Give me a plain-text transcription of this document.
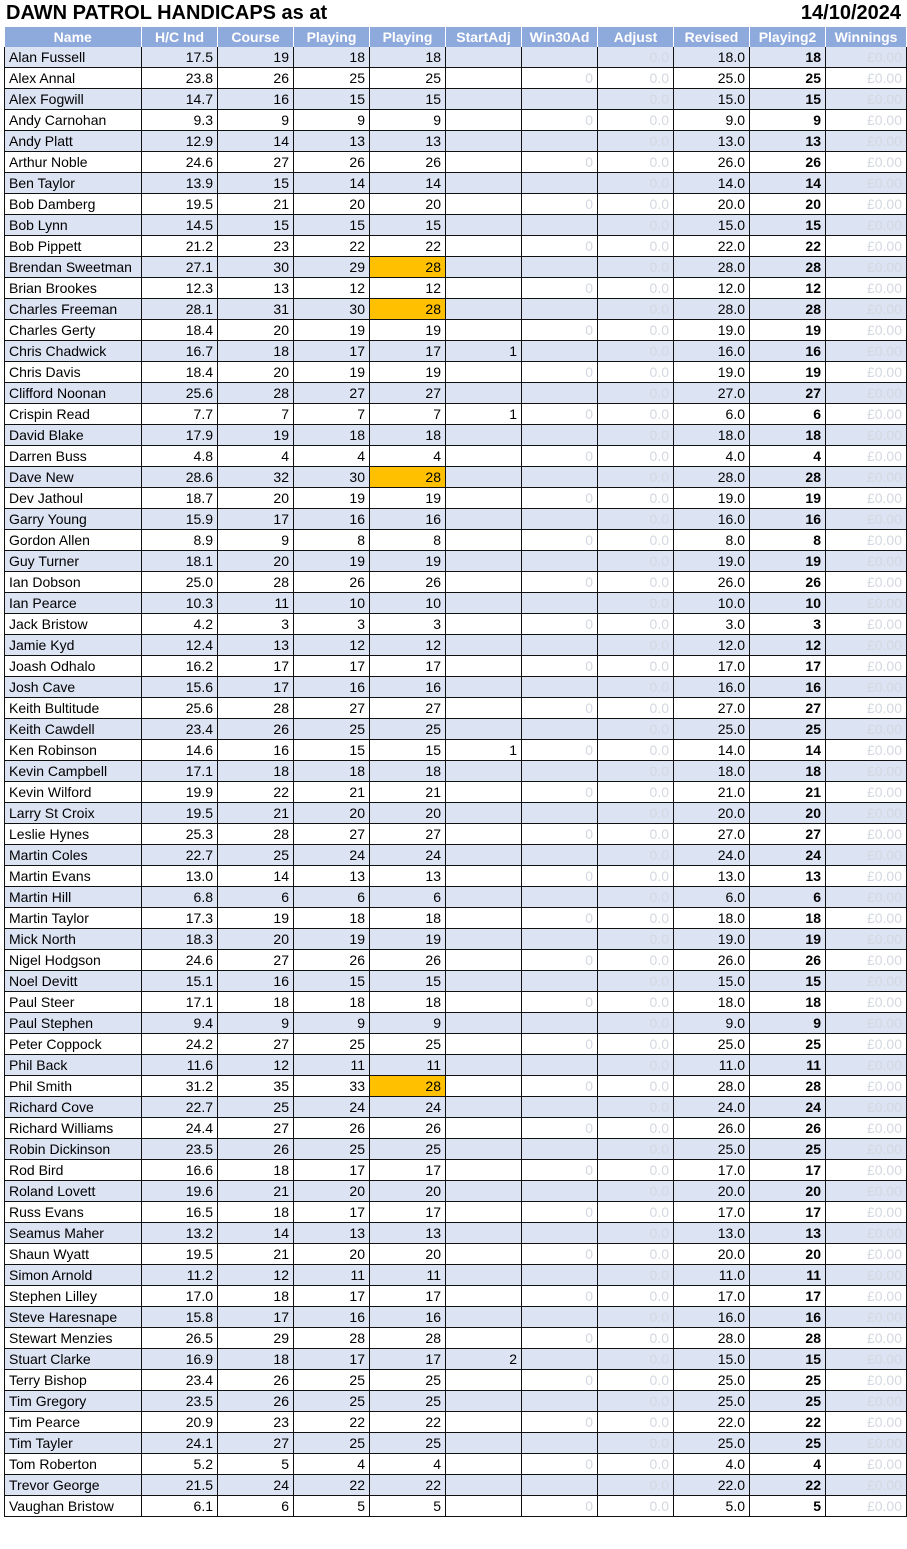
DAWN PATROL HANDICAPS as at	14/10/2024
Name	H/C Ind	Course	Playing	Playing	StartAdj	Win30Ad	Adjust	Revised	Playing2	Winnings
Alan Fussell	17.5	19	18	18			0.0	18.0	18	£0.00
Alex Annal	23.8	26	25	25		0	0.0	25.0	25	£0.00
Alex Fogwill	14.7	16	15	15			0.0	15.0	15	£0.00
Andy Carnohan	9.3	9	9	9		0	0.0	9.0	9	£0.00
Andy Platt	12.9	14	13	13			0.0	13.0	13	£0.00
Arthur Noble	24.6	27	26	26		0	0.0	26.0	26	£0.00
Ben Taylor	13.9	15	14	14			0.0	14.0	14	£0.00
Bob Damberg	19.5	21	20	20		0	0.0	20.0	20	£0.00
Bob Lynn	14.5	15	15	15			0.0	15.0	15	£0.00
Bob Pippett	21.2	23	22	22		0	0.0	22.0	22	£0.00
Brendan Sweetman	27.1	30	29	28			0.0	28.0	28	£0.00
Brian Brookes	12.3	13	12	12		0	0.0	12.0	12	£0.00
Charles Freeman	28.1	31	30	28			0.0	28.0	28	£0.00
Charles Gerty	18.4	20	19	19		0	0.0	19.0	19	£0.00
Chris Chadwick	16.7	18	17	17	1		0.0	16.0	16	£0.00
Chris Davis	18.4	20	19	19		0	0.0	19.0	19	£0.00
Clifford Noonan	25.6	28	27	27			0.0	27.0	27	£0.00
Crispin Read	7.7	7	7	7	1	0	0.0	6.0	6	£0.00
David Blake	17.9	19	18	18			0.0	18.0	18	£0.00
Darren Buss	4.8	4	4	4		0	0.0	4.0	4	£0.00
Dave New	28.6	32	30	28			0.0	28.0	28	£0.00
Dev Jathoul	18.7	20	19	19		0	0.0	19.0	19	£0.00
Garry Young	15.9	17	16	16			0.0	16.0	16	£0.00
Gordon Allen	8.9	9	8	8		0	0.0	8.0	8	£0.00
Guy Turner	18.1	20	19	19			0.0	19.0	19	£0.00
Ian Dobson	25.0	28	26	26		0	0.0	26.0	26	£0.00
Ian Pearce	10.3	11	10	10			0.0	10.0	10	£0.00
Jack Bristow	4.2	3	3	3		0	0.0	3.0	3	£0.00
Jamie Kyd	12.4	13	12	12			0.0	12.0	12	£0.00
Joash Odhalo	16.2	17	17	17		0	0.0	17.0	17	£0.00
Josh Cave	15.6	17	16	16			0.0	16.0	16	£0.00
Keith Bultitude	25.6	28	27	27		0	0.0	27.0	27	£0.00
Keith Cawdell	23.4	26	25	25			0.0	25.0	25	£0.00
Ken Robinson	14.6	16	15	15	1	0	0.0	14.0	14	£0.00
Kevin Campbell	17.1	18	18	18			0.0	18.0	18	£0.00
Kevin Wilford	19.9	22	21	21		0	0.0	21.0	21	£0.00
Larry St Croix	19.5	21	20	20			0.0	20.0	20	£0.00
Leslie Hynes	25.3	28	27	27		0	0.0	27.0	27	£0.00
Martin Coles	22.7	25	24	24			0.0	24.0	24	£0.00
Martin Evans	13.0	14	13	13		0	0.0	13.0	13	£0.00
Martin Hill	6.8	6	6	6			0.0	6.0	6	£0.00
Martin Taylor	17.3	19	18	18		0	0.0	18.0	18	£0.00
Mick North	18.3	20	19	19			0.0	19.0	19	£0.00
Nigel Hodgson	24.6	27	26	26		0	0.0	26.0	26	£0.00
Noel Devitt	15.1	16	15	15			0.0	15.0	15	£0.00
Paul Steer	17.1	18	18	18		0	0.0	18.0	18	£0.00
Paul Stephen	9.4	9	9	9			0.0	9.0	9	£0.00
Peter Coppock	24.2	27	25	25		0	0.0	25.0	25	£0.00
Phil Back	11.6	12	11	11			0.0	11.0	11	£0.00
Phil Smith	31.2	35	33	28		0	0.0	28.0	28	£0.00
Richard Cove	22.7	25	24	24			0.0	24.0	24	£0.00
Richard Williams	24.4	27	26	26		0	0.0	26.0	26	£0.00
Robin Dickinson	23.5	26	25	25			0.0	25.0	25	£0.00
Rod Bird	16.6	18	17	17		0	0.0	17.0	17	£0.00
Roland Lovett	19.6	21	20	20			0.0	20.0	20	£0.00
Russ Evans	16.5	18	17	17		0	0.0	17.0	17	£0.00
Seamus Maher	13.2	14	13	13			0.0	13.0	13	£0.00
Shaun Wyatt	19.5	21	20	20		0	0.0	20.0	20	£0.00
Simon Arnold	11.2	12	11	11			0.0	11.0	11	£0.00
Stephen Lilley	17.0	18	17	17		0	0.0	17.0	17	£0.00
Steve Haresnape	15.8	17	16	16			0.0	16.0	16	£0.00
Stewart Menzies	26.5	29	28	28		0	0.0	28.0	28	£0.00
Stuart Clarke	16.9	18	17	17	2		0.0	15.0	15	£0.00
Terry Bishop	23.4	26	25	25		0	0.0	25.0	25	£0.00
Tim Gregory	23.5	26	25	25			0.0	25.0	25	£0.00
Tim Pearce	20.9	23	22	22		0	0.0	22.0	22	£0.00
Tim Tayler	24.1	27	25	25			0.0	25.0	25	£0.00
Tom Roberton	5.2	5	4	4		0	0.0	4.0	4	£0.00
Trevor George	21.5	24	22	22			0.0	22.0	22	£0.00
Vaughan Bristow	6.1	6	5	5		0	0.0	5.0	5	£0.00
